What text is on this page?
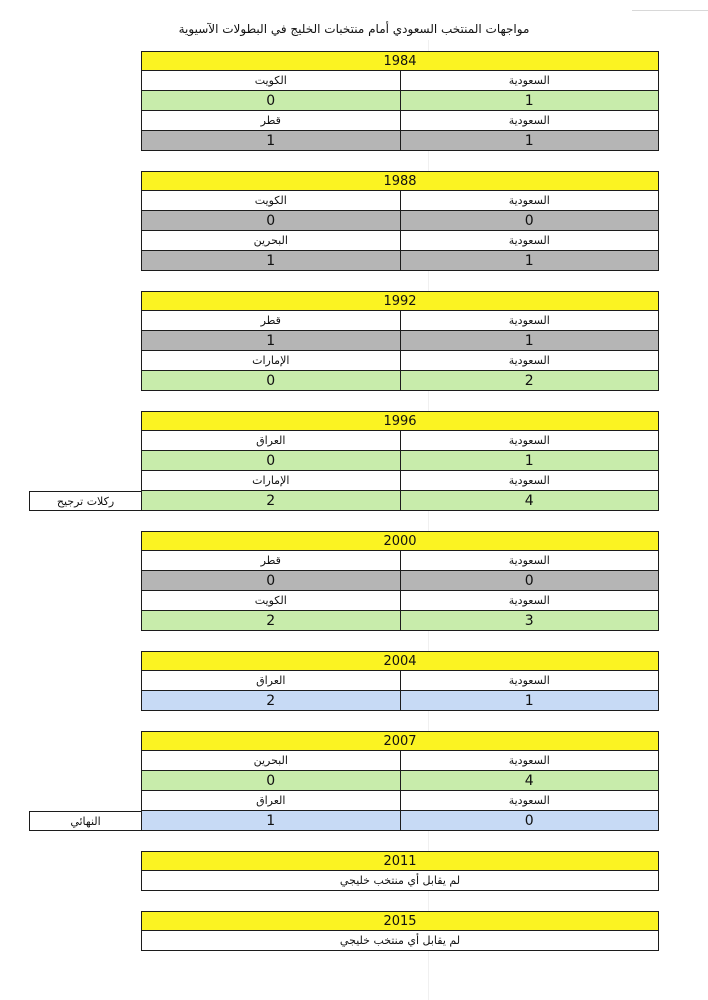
مواجهات المنتخب السعودي أمام منتخبات الخليج في البطولات الآسيوية
1984
الكويت	السعودية
0	1
قطر	السعودية
1	1
1988
الكويت	السعودية
0	0
البحرين	السعودية
1	1
1992
قطر	السعودية
1	1
الإمارات	السعودية
0	2
1996
العراق	السعودية
0	1
الإمارات	السعودية
2	4
ركلات ترجيح
2000
قطر	السعودية
0	0
الكويت	السعودية
2	3
2004
العراق	السعودية
2	1
2007
البحرين	السعودية
0	4
العراق	السعودية
1	0
النهائي
2011
لم يقابل أي منتخب خليجي
2015
لم يقابل أي منتخب خليجي
